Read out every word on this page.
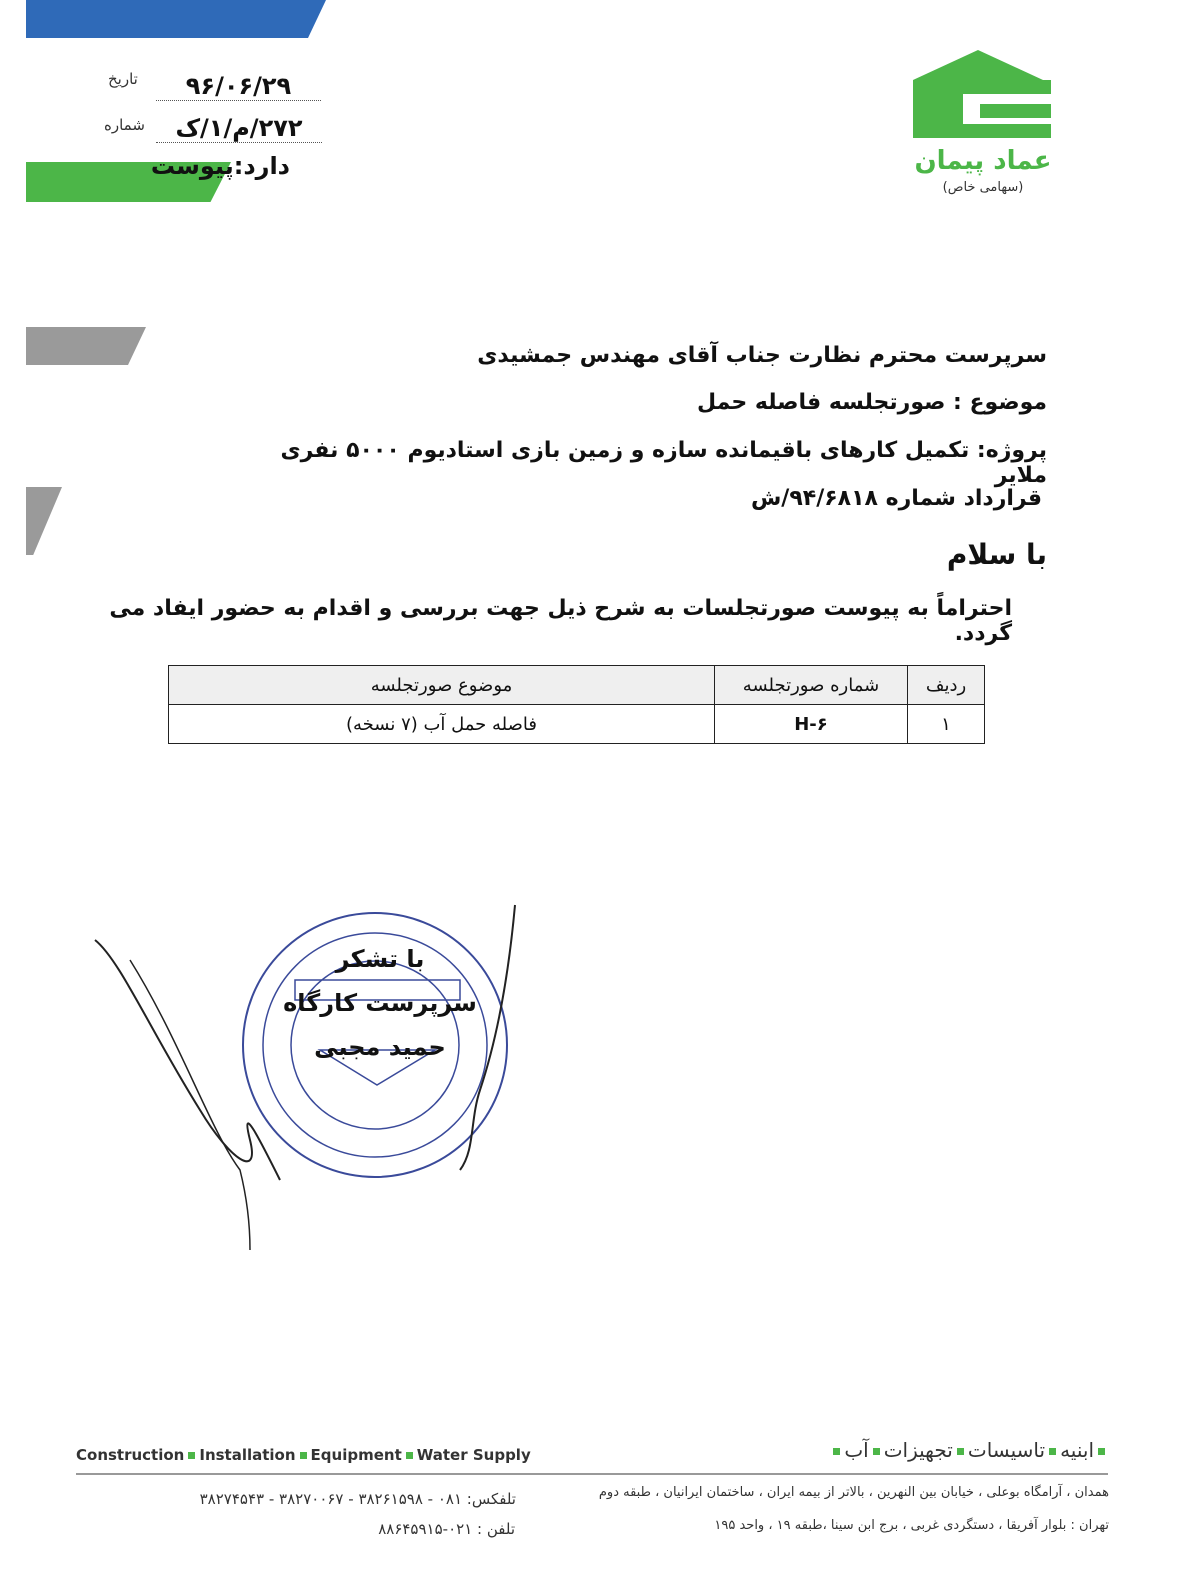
تاریخ	۹۶/۰۶/۲۹
شماره	۲۷۲/م/۱/ک
دارد:پیوست	عماد پیمان
(سهامی خاص)
سرپرست محترم نظارت جناب آقای مهندس جمشیدی
موضوع : صورتجلسه فاصله حمل
پروژه: تکمیل کارهای باقیمانده سازه و زمین بازی استادیوم ۵۰۰۰ نفری ملایر
قرارداد شماره ۹۴/۶۸۱۸/ش
با سلام
احتراماً به پیوست صورتجلسات به شرح ذیل جهت بررسی و اقدام به حضور ایفاد می گردد.
ردیف	شماره صورتجلسه	موضوع صورتجلسه
۱	H-۶	فاصله حمل آب (۷ نسخه)
با تشکر
سرپرست کارگاه
حمید مجبی
Construction Installation Equipment Water Supply	ابنیهتاسیساتتجهیزاتآب
همدان ، آرامگاه بوعلی ، خیابان بین النهرین ، بالاتر از بیمه ایران ، ساختمان ایرانیان ، طبقه دوم
تلفکس: ۰۸۱ - ۳۸۲۶۱۵۹۸ - ۳۸۲۷۰۰۶۷ - ۳۸۲۷۴۵۴۳
تهران : بلوار آفریقا ، دستگردی غربی ، برج ابن سینا ،طبقه ۱۹ ، واحد ۱۹۵
تلفن : ۰۲۱-۸۸۶۴۵۹۱۵
